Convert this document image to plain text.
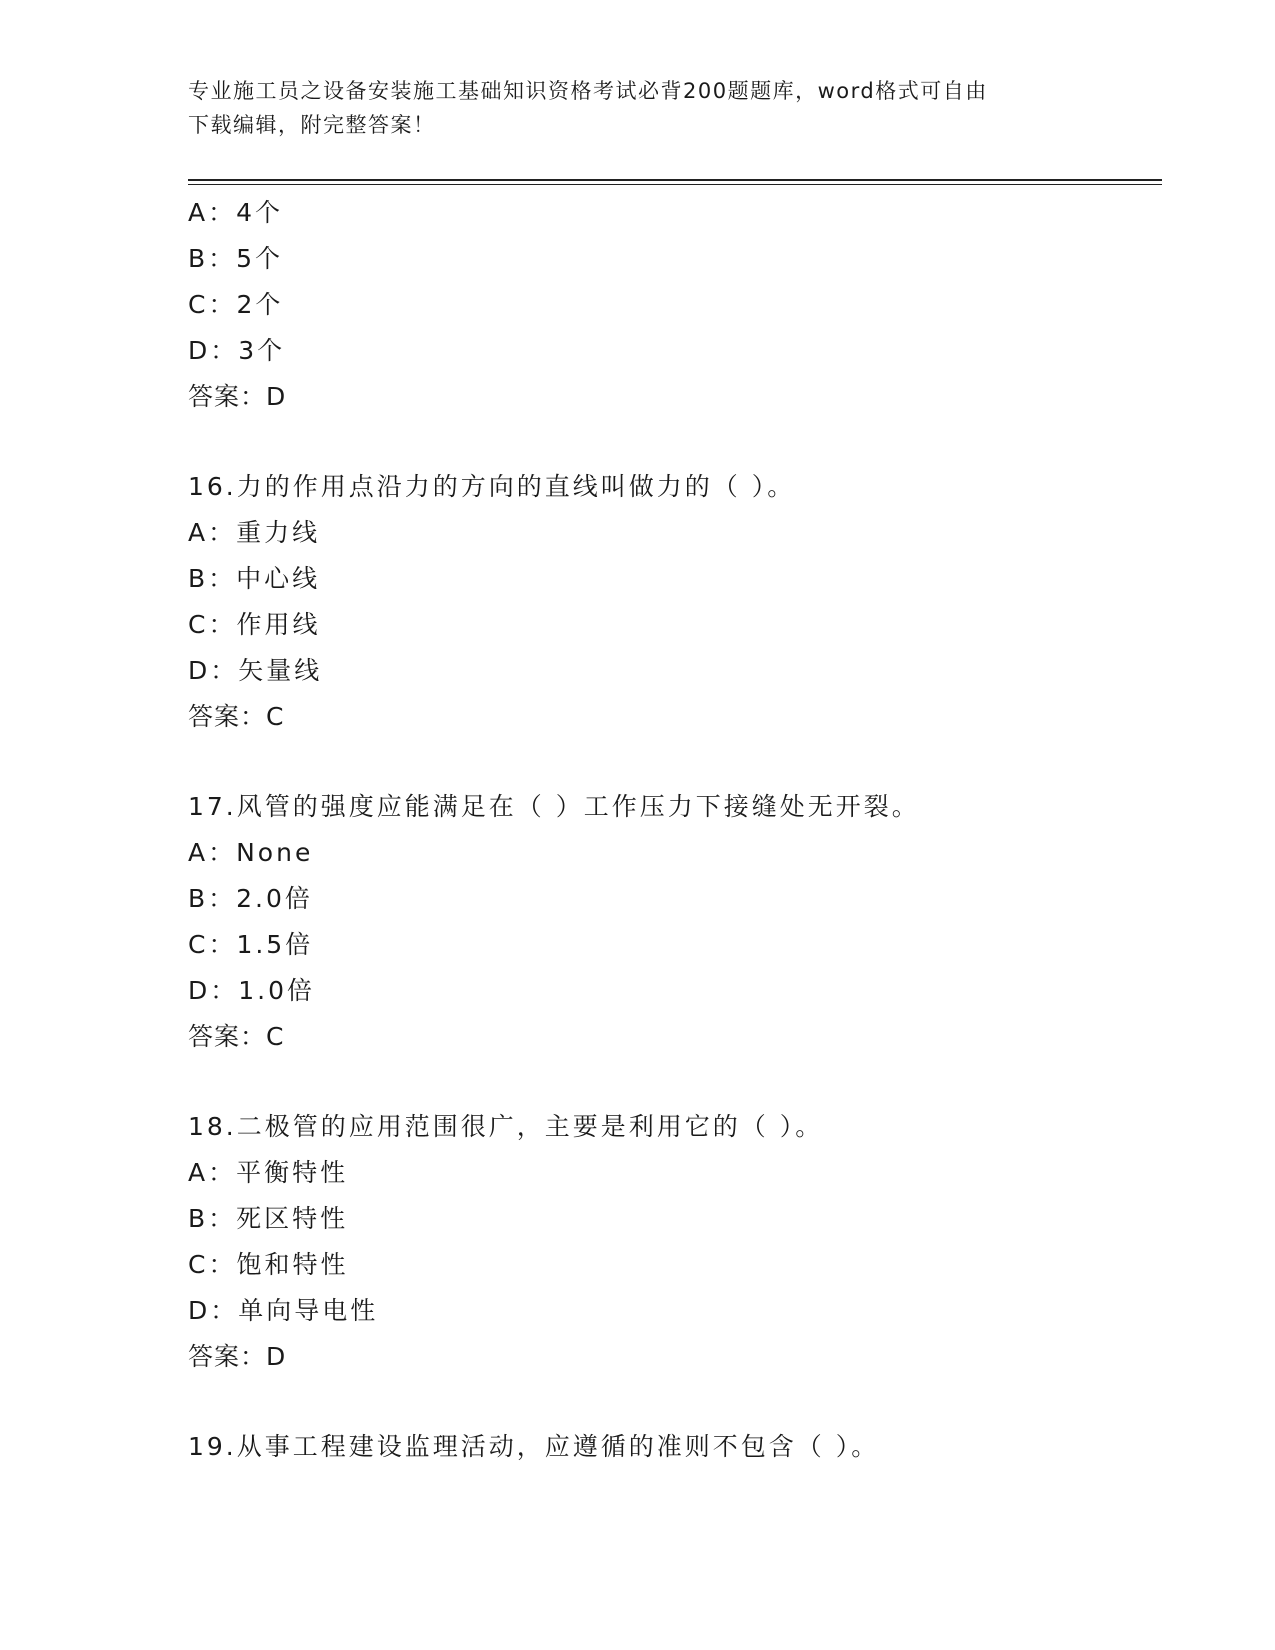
专业施工员之设备安装施工基础知识资格考试必背200题题库，word格式可自由
下载编辑，附完整答案！
A：4个
B：5个
C：2个
D：3个
答案：D
16.力的作用点沿力的方向的直线叫做力的（ ）。
A：重力线
B：中心线
C：作用线
D：矢量线
答案：C
17.风管的强度应能满足在（ ）工作压力下接缝处无开裂。
A：None
B：2.0倍
C：1.5倍
D：1.0倍
答案：C
18.二极管的应用范围很广，主要是利用它的（ ）。
A：平衡特性
B：死区特性
C：饱和特性
D：单向导电性
答案：D
19.从事工程建设监理活动，应遵循的准则不包含（ ）。
